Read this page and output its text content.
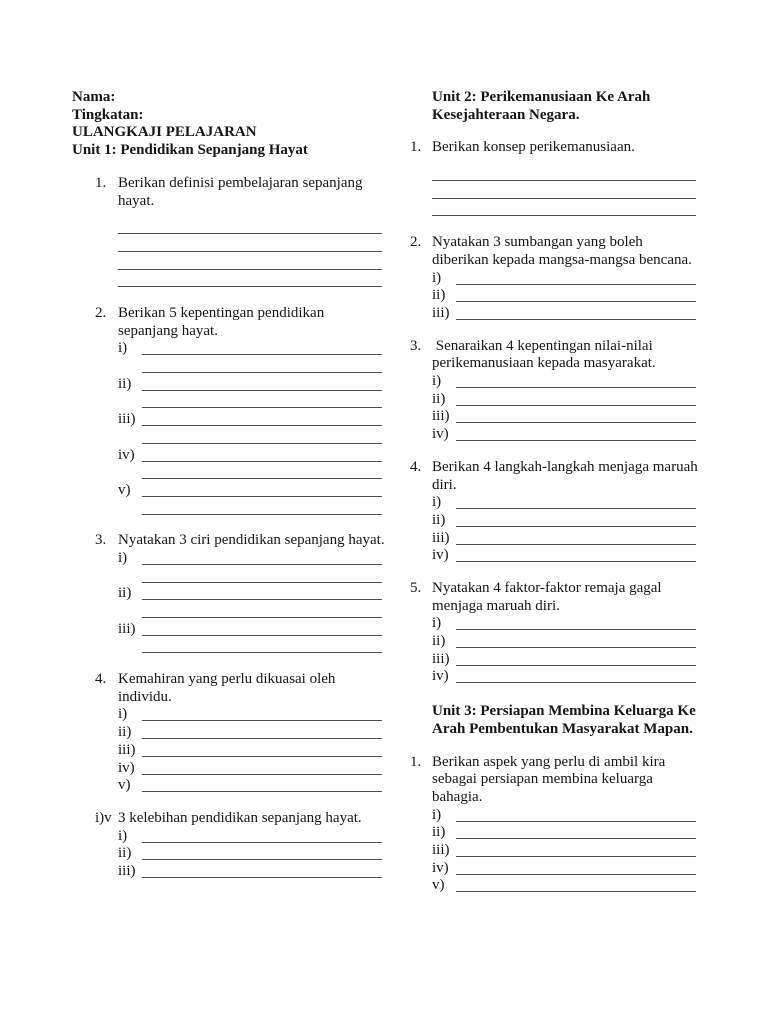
Nama:
Tingkatan:
ULANGKAJI PELAJARAN
Unit 1: Pendidikan Sepanjang Hayat
1. Berikan definisi pembelajaran sepanjang hayat.
2. Berikan 5 kepentingan pendidikan sepanjang hayat.
i)
ii)
iii)
iv)
v)
3. Nyatakan 3 ciri pendidikan sepanjang hayat.
i)
ii)
iii)
4. Kemahiran yang perlu dikuasai oleh individu.
i)
ii)
iii)
iv)
v)
i)v 3 kelebihan pendidikan sepanjang hayat.
i)
ii)
iii)
Unit 2: Perikemanusiaan Ke Arah Kesejahteraan Negara.
1. Berikan konsep perikemanusiaan.
2. Nyatakan 3 sumbangan yang boleh diberikan kepada mangsa-mangsa bencana.
i)
ii)
iii)
3. Senaraikan 4 kepentingan nilai-nilai perikemanusiaan kepada masyarakat.
i)
ii)
iii)
iv)
4. Berikan 4 langkah-langkah menjaga maruah diri.
i)
ii)
iii)
iv)
5. Nyatakan 4 faktor-faktor remaja gagal menjaga maruah diri.
i)
ii)
iii)
iv)
Unit 3: Persiapan Membina Keluarga Ke Arah Pembentukan Masyarakat Mapan.
1. Berikan aspek yang perlu di ambil kira sebagai persiapan membina keluarga bahagia.
i)
ii)
iii)
iv)
v)
